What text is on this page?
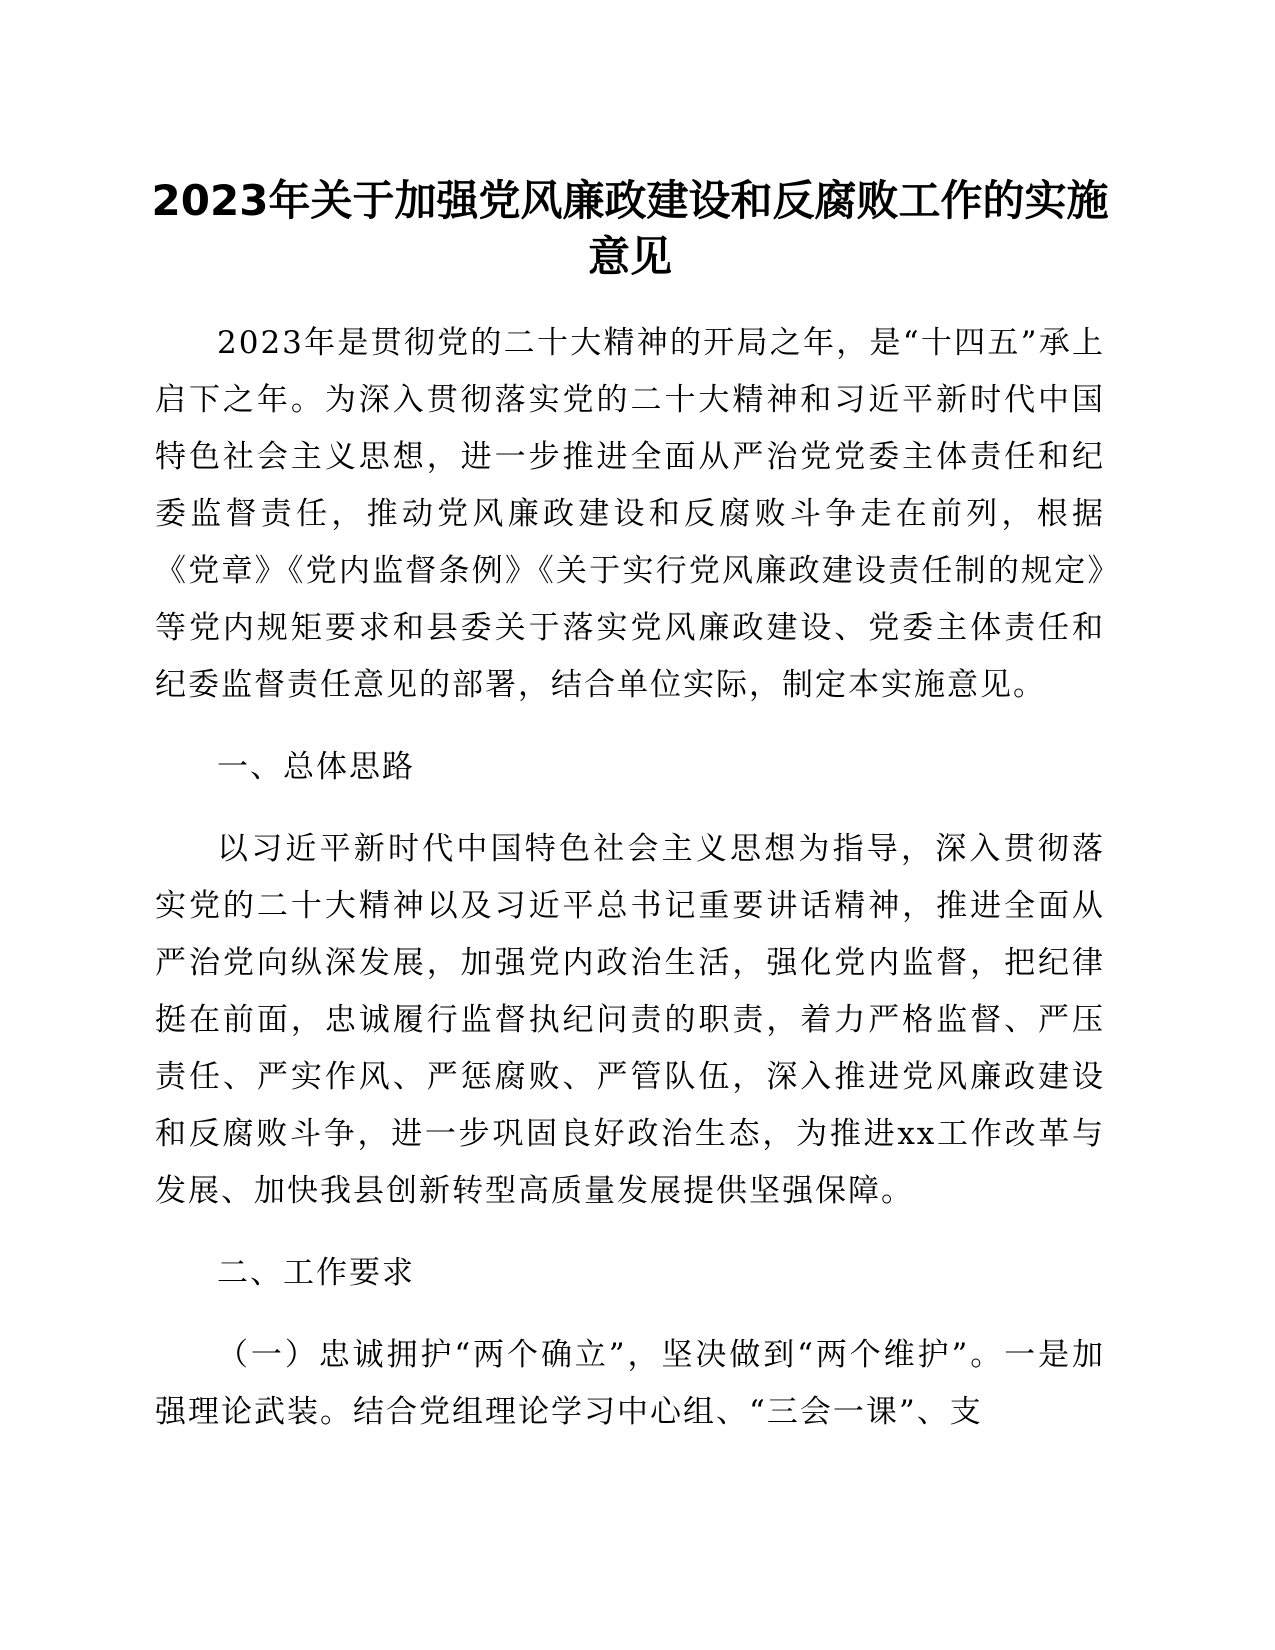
2023年关于加强党风廉政建设和反腐败工作的实施意见

2023年是贯彻党的二十大精神的开局之年，是“十四五”承上启下之年。为深入贯彻落实党的二十大精神和习近平新时代中国特色社会主义思想，进一步推进全面从严治党党委主体责任和纪委监督责任，推动党风廉政建设和反腐败斗争走在前列，根据《党章》《党内监督条例》《关于实行党风廉政建设责任制的规定》等党内规矩要求和县委关于落实党风廉政建设、党委主体责任和纪委监督责任意见的部署，结合单位实际，制定本实施意见。

一、总体思路

以习近平新时代中国特色社会主义思想为指导，深入贯彻落实党的二十大精神以及习近平总书记重要讲话精神，推进全面从严治党向纵深发展，加强党内政治生活，强化党内监督，把纪律挺在前面，忠诚履行监督执纪问责的职责，着力严格监督、严压责任、严实作风、严惩腐败、严管队伍，深入推进党风廉政建设和反腐败斗争，进一步巩固良好政治生态，为推进xx工作改革与发展、加快我县创新转型高质量发展提供坚强保障。

二、工作要求

（一）忠诚拥护“两个确立”，坚决做到“两个维护”。一是加强理论武装。结合党组理论学习中心组、“三会一课”、支
